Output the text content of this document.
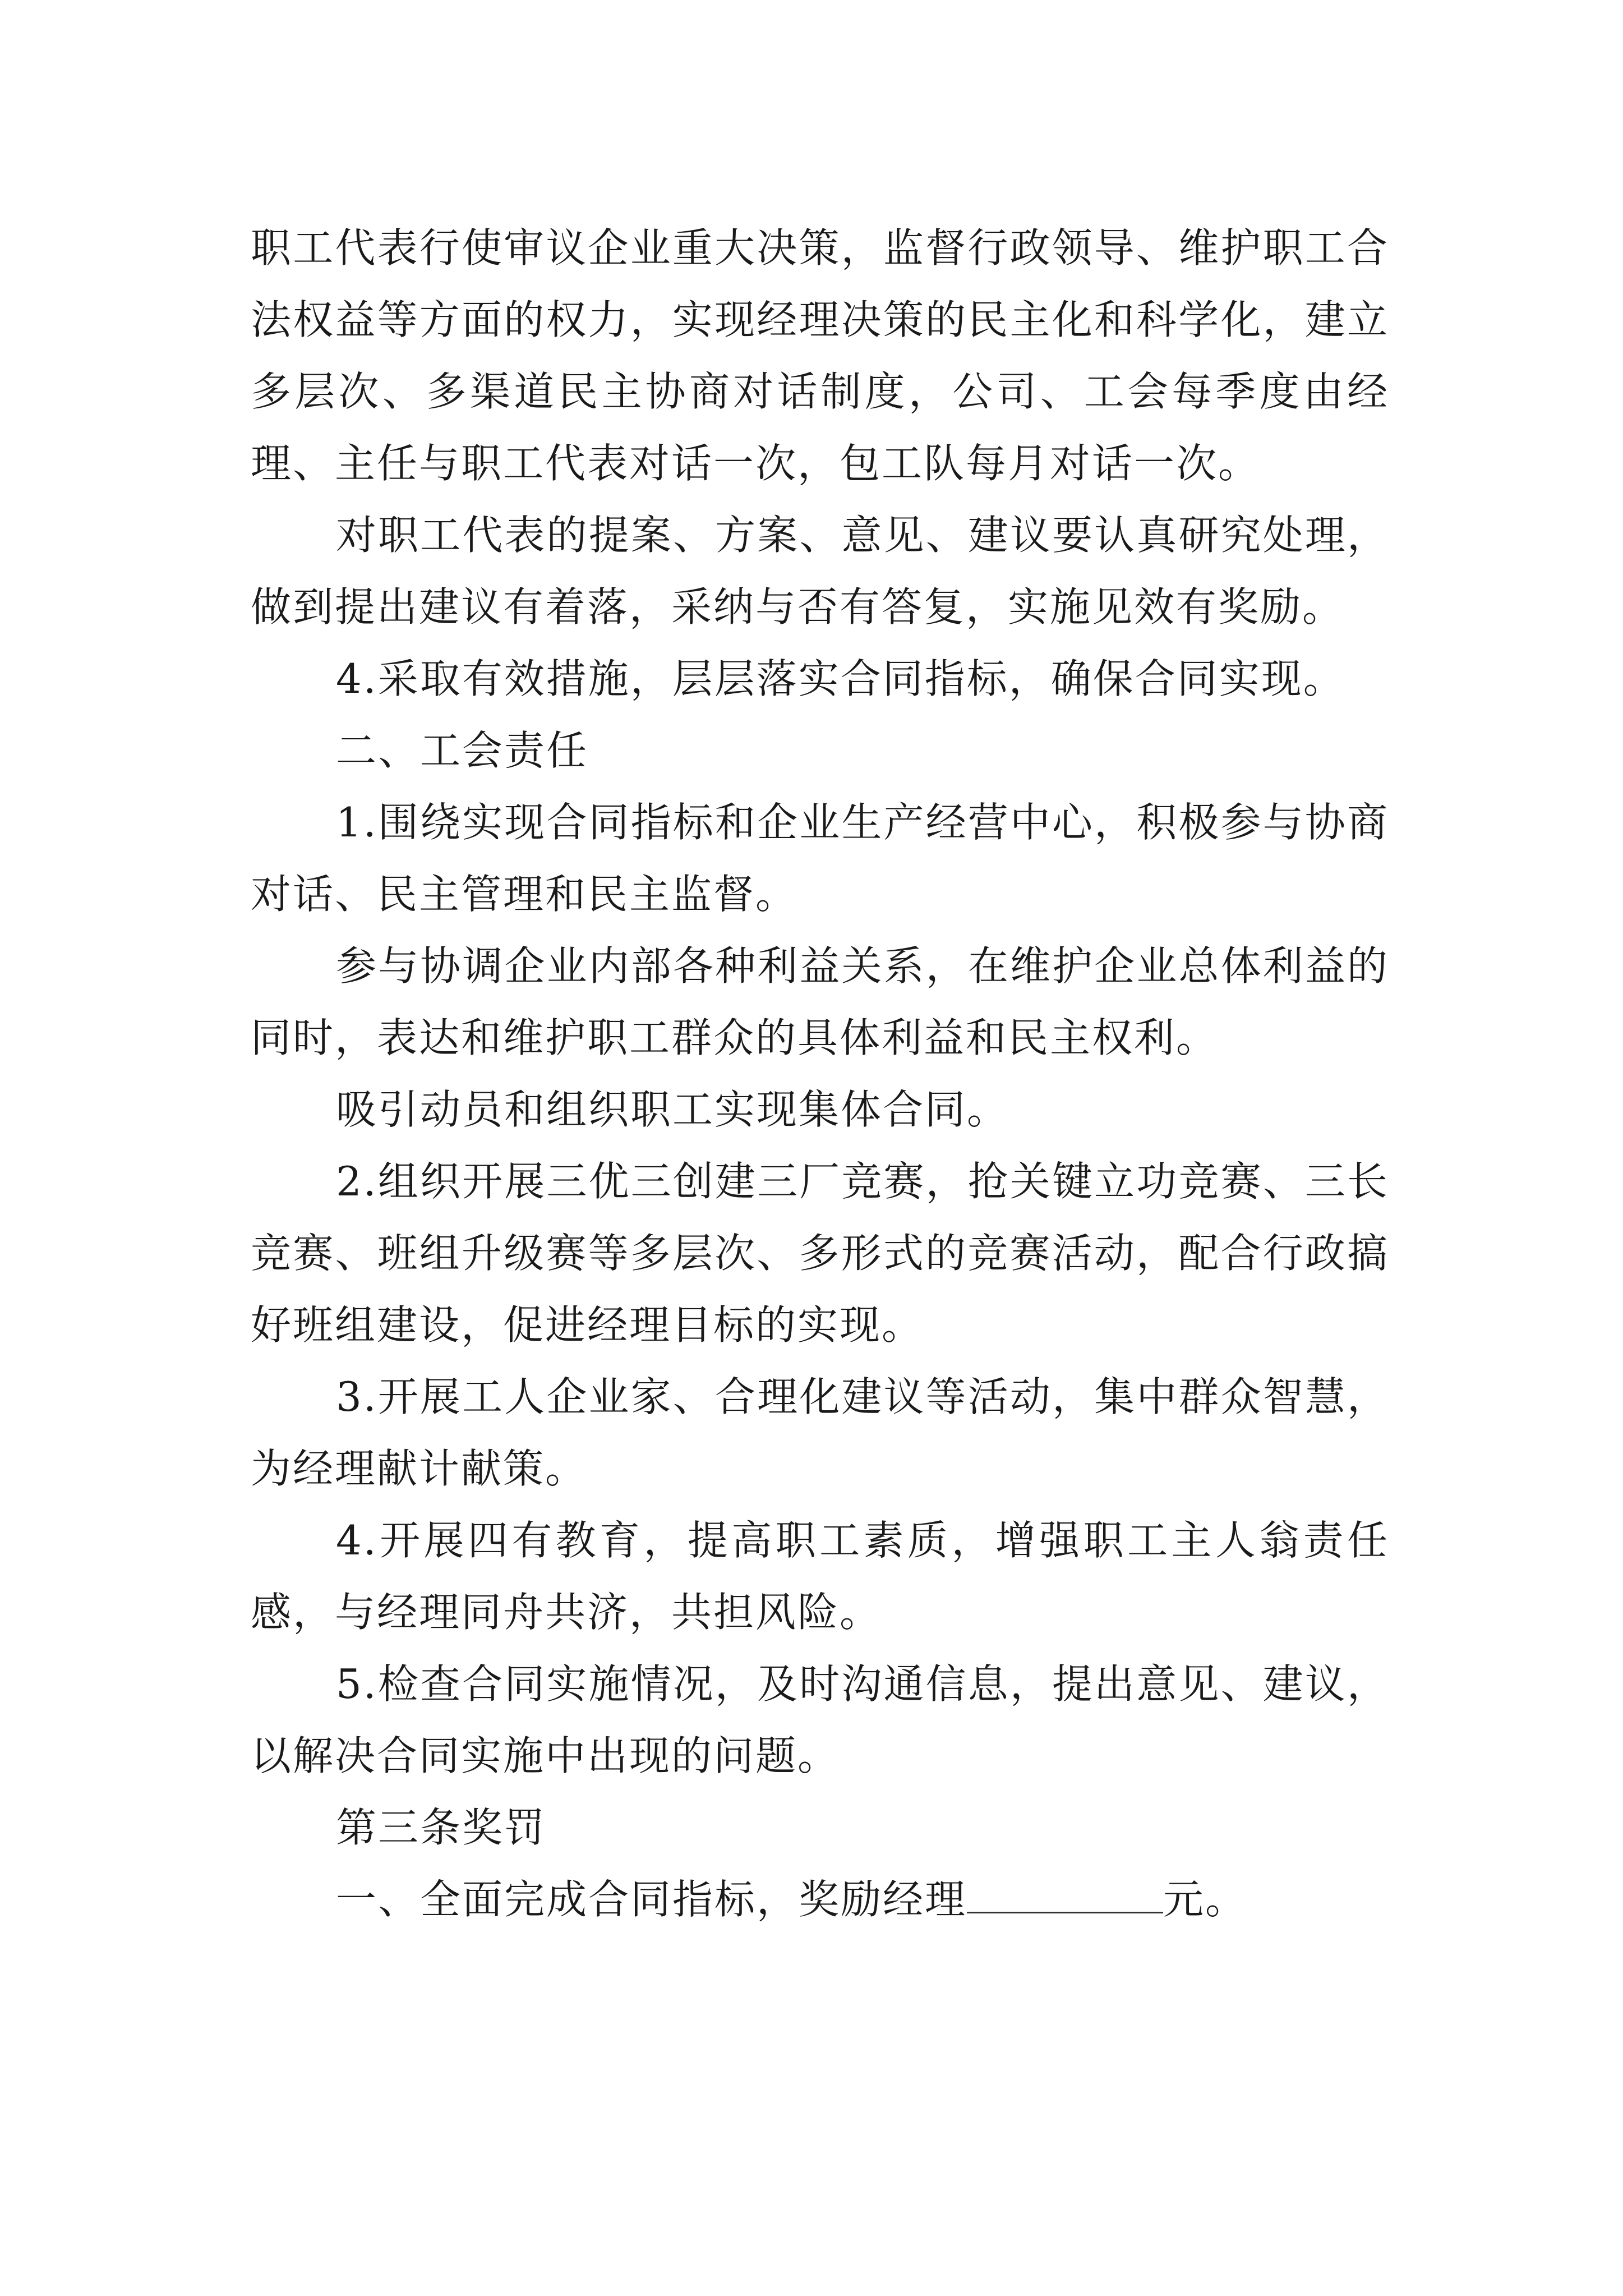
职工代表行使审议企业重大决策，监督行政领导、维护职工合法权益等方面的权力，实现经理决策的民主化和科学化，建立多层次、多渠道民主协商对话制度，公司、工会每季度由经理、主任与职工代表对话一次，包工队每月对话一次。

对职工代表的提案、方案、意见、建议要认真研究处理，做到提出建议有着落，采纳与否有答复，实施见效有奖励。

4.采取有效措施，层层落实合同指标，确保合同实现。

二、工会责任

1.围绕实现合同指标和企业生产经营中心，积极参与协商对话、民主管理和民主监督。

参与协调企业内部各种利益关系，在维护企业总体利益的同时，表达和维护职工群众的具体利益和民主权利。

吸引动员和组织职工实现集体合同。

2.组织开展三优三创建三厂竞赛，抢关键立功竞赛、三长竞赛、班组升级赛等多层次、多形式的竞赛活动，配合行政搞好班组建设，促进经理目标的实现。

3.开展工人企业家、合理化建议等活动，集中群众智慧，为经理献计献策。

4.开展四有教育，提高职工素质，增强职工主人翁责任感，与经理同舟共济，共担风险。

5.检查合同实施情况，及时沟通信息，提出意见、建议，以解决合同实施中出现的问题。

第三条奖罚

一、全面完成合同指标，奖励经理	元。
